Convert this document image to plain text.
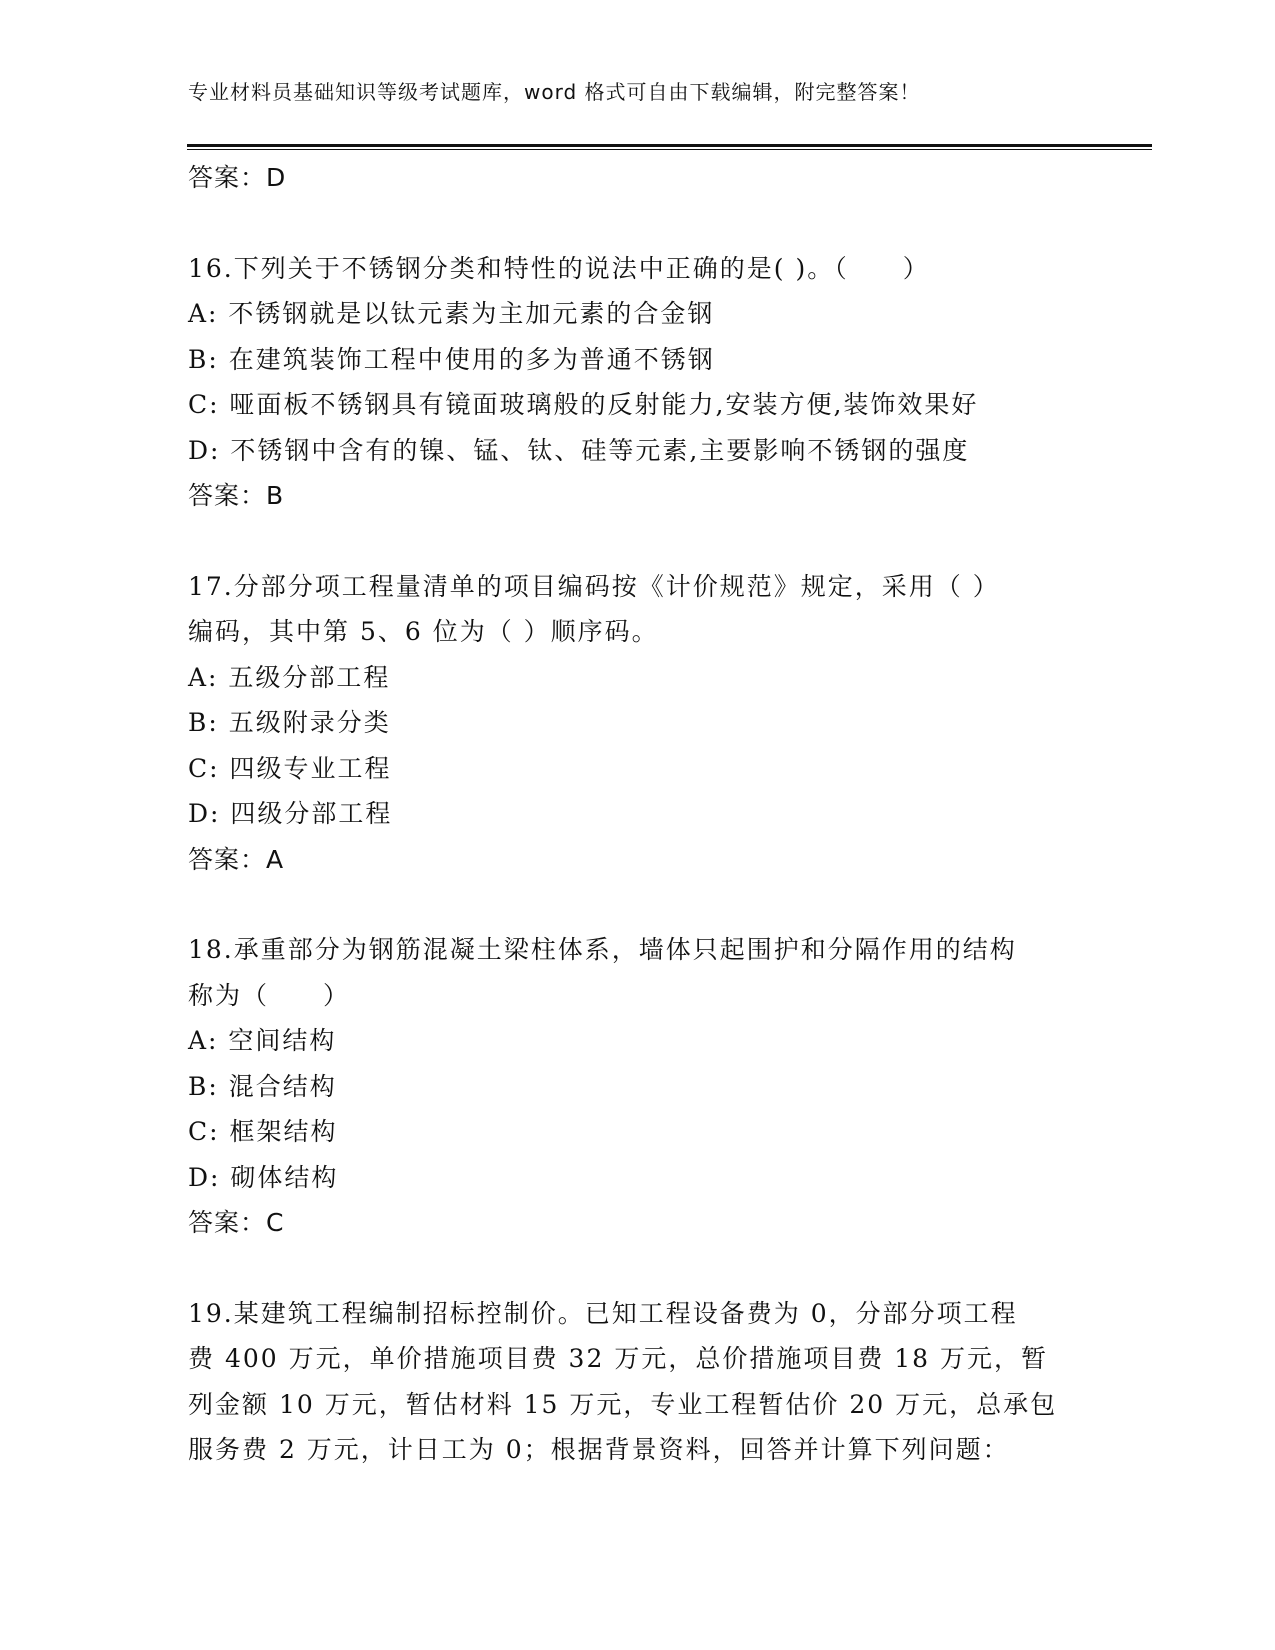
专业材料员基础知识等级考试题库，word 格式可自由下载编辑，附完整答案！
答案：D
16.下列关于不锈钢分类和特性的说法中正确的是( )。（　　）
A: 不锈钢就是以钛元素为主加元素的合金钢
B: 在建筑装饰工程中使用的多为普通不锈钢
C: 哑面板不锈钢具有镜面玻璃般的反射能力,安装方便,装饰效果好
D: 不锈钢中含有的镍、锰、钛、硅等元素,主要影响不锈钢的强度
答案：B
17.分部分项工程量清单的项目编码按《计价规范》规定，采用（ ）
编码，其中第 5、6 位为（ ）顺序码。
A: 五级分部工程
B: 五级附录分类
C: 四级专业工程
D: 四级分部工程
答案：A
18.承重部分为钢筋混凝土梁柱体系，墙体只起围护和分隔作用的结构
称为（　　）
A: 空间结构
B: 混合结构
C: 框架结构
D: 砌体结构
答案：C
19.某建筑工程编制招标控制价。已知工程设备费为 0，分部分项工程
费 400 万元，单价措施项目费 32 万元，总价措施项目费 18 万元，暂
列金额 10 万元，暂估材料 15 万元，专业工程暂估价 20 万元，总承包
服务费 2 万元，计日工为 0；根据背景资料，回答并计算下列问题：
